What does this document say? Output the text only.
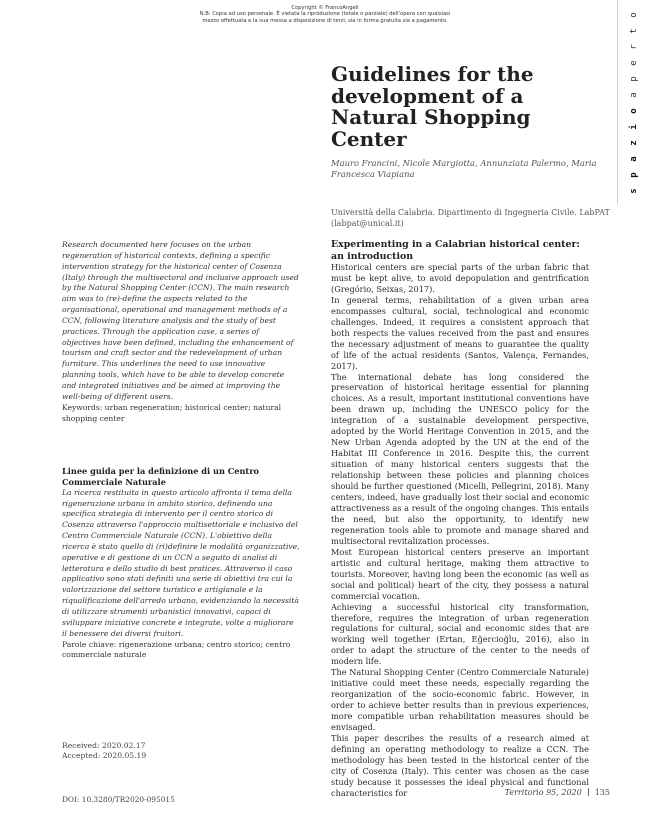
Copyright © FrancoAngeli
N.B: Copia ad uso personale. È vietata la riproduzione (totale o parziale) dell'opera con qualsiasi
mezzo effettuata e la sua messa a disposizione di terzi, sia in forma gratuita sia a pagamento.
o
t
r
e
p
a
o
i
z
a
p
s
Guidelines for the development of a Natural Shopping Center
Mauro Francini, Nicole Margiotta, Annunziata Palermo, Maria Francesca Viapiana
Università della Calabria. Dipartimento di Ingegneria Civile. LabPAT (labpat@unical.it)
Research documented here focuses on the urban regeneration of historical contexts, defining a specific intervention strategy for the historical center of Cosenza (Italy) through the multisectoral and inclusive approach used by the Natural Shopping Center (CCN). The main research aim was to (re)-define the aspects related to the organisational, operational and management methods of a CCN, following literature analysis and the study of best practices. Through the application case, a series of objectives have been defined, including the enhancement of tourism and craft sector and the redevelopment of urban furniture. This underlines the need to use innovative planning tools, which have to be able to develop concrete and integrated initiatives and be aimed at improving the well-being of different users.
Keywords: urban regeneration; historical center; natural shopping center
Linee guida per la definizione di un Centro Commerciale Naturale
La ricerca restituita in questo articolo affronta il tema della rigenerazione urbana in ambito storico, definendo una specifica strategia di intervento per il centro storico di Cosenza attraverso l'approccio multisettoriale e inclusivo del Centro Commerciale Naturale (CCN). L'obiettivo della ricerca è stato quello di (ri)definire le modalità organizzative, operative e di gestione di un CCN a seguito di analisi di letteratura e dello studio di best pratices. Attraverso il caso applicativo sono stati definiti una serie di obiettivi tra cui la valorizzazione del settore turistico e artigianale e la riqualificazione dell'arredo urbano, evidenziando la necessità di utilizzare strumenti urbanistici innovativi, capaci di sviluppare iniziative concrete e integrate, volte a migliorare il benessere dei diversi fruitori.
Parole chiave: rigenerazione urbana; centro storico; centro commerciale naturale
Received: 2020.02.17
Accepted: 2020.05.19
DOI: 10.3280/TR2020-095015
Experimenting in a Calabrian historical center: an introduction

Historical centers are special parts of the urban fabric that must be kept alive, to avoid depopulation and gentrification (Gregório, Seixas, 2017).

In general terms, rehabilitation of a given urban area encompasses cultural, social, technological and economic challenges. Indeed, it requires a consistent approach that both respects the values received from the past and ensures the necessary adjustment of means to guarantee the quality of life of the actual residents (Santos, Valença, Fernandes, 2017).

The international debate has long considered the preservation of historical heritage essential for planning choices. As a result, important institutional conventions have been drawn up, including the UNESCO policy for the integration of a sustainable development perspective, adopted by the World Heritage Convention in 2015, and the New Urban Agenda adopted by the UN at the end of the Habitat III Conference in 2016. Despite this, the current situation of many historical centers suggests that the relationship between these policies and planning choices should be further questioned (Micelli, Pellegrini, 2018). Many centers, indeed, have gradually lost their social and economic attractiveness as a result of the ongoing changes. This entails the need, but also the opportunity, to identify new regeneration tools able to promote and manage shared and multisectoral revitalization processes.

Most European historical centers preserve an important artistic and cultural heritage, making them attractive to tourists. Moreover, having long been the economic (as well as social and political) heart of the city, they possess a natural commercial vocation.

Achieving a successful historical city transformation, therefore, requires the integration of urban regeneration regulations for cultural, social and economic sides that are working well together (Ertan, Eğercioğlu, 2016), also in order to adapt the structure of the center to the needs of modern life.

The Natural Shopping Center (Centro Commerciale Naturale) initiative could meet these needs, especially regarding the reorganization of the socio-economic fabric. However, in order to achieve better results than in previous experiences, more compatible urban rehabilitation measures should be envisaged.

This paper describes the results of a research aimed at defining an operating methodology to realize a CCN. The methodology has been tested in the historical center of the city of Cosenza (Italy). This center was chosen as the case study because it possesses the ideal physical and functional characteristics for	Territorio 95, 2020 135
